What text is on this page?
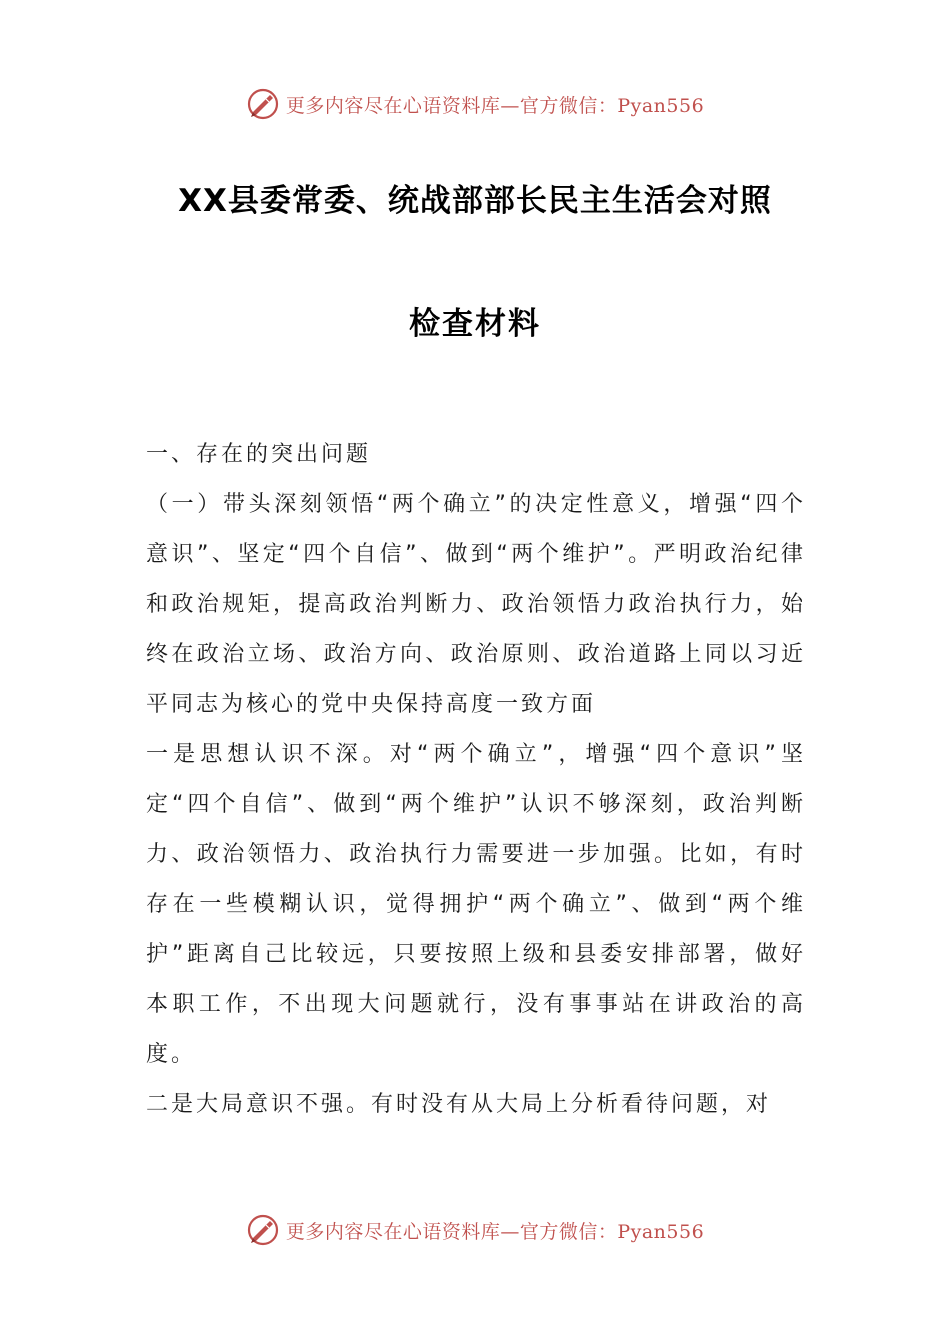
更多内容尽在心语资料库—官方微信：Pyan556
XX县委常委、统战部部长民主生活会对照
检查材料

一、存在的突出问题

（一）带头深刻领悟“两个确立”的决定性意义，增强“四个意识”、坚定“四个自信”、做到“两个维护”。严明政治纪律和政治规矩，提高政治判断力、政治领悟力政治执行力，始终在政治立场、政治方向、政治原则、政治道路上同以习近平同志为核心的党中央保持高度一致方面

一是思想认识不深。对“两个确立”，增强“四个意识”坚定“四个自信”、做到“两个维护”认识不够深刻，政治判断力、政治领悟力、政治执行力需要进一步加强。比如，有时存在一些模糊认识，觉得拥护“两个确立”、做到“两个维护”距离自己比较远，只要按照上级和县委安排部署，做好本职工作，不出现大问题就行，没有事事站在讲政治的高度。

二是大局意识不强。有时没有从大局上分析看待问题，对

更多内容尽在心语资料库—官方微信：Pyan556
